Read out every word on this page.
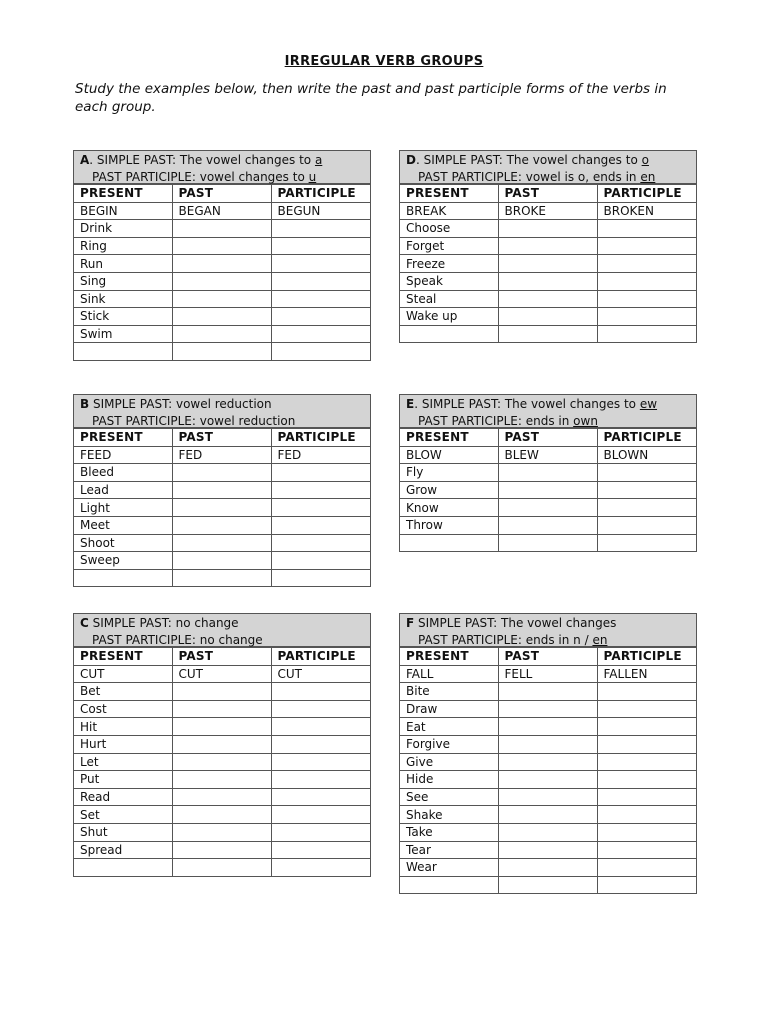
IRREGULAR VERB GROUPS
Study the examples below, then write the past and past participle forms of the verbs in each group.
A. SIMPLE PAST: The vowel changes to a
PAST PARTICIPLE: vowel changes to u
PRESENT	PAST	PARTICIPLE
BEGIN	BEGAN	BEGUN
Drink		
Ring		
Run		
Sing		
Sink		
Stick		
Swim		

B SIMPLE PAST: vowel reduction
PAST PARTICIPLE: vowel reduction
PRESENT	PAST	PARTICIPLE
FEED	FED	FED
Bleed		
Lead		
Light		
Meet		
Shoot		
Sweep		

C SIMPLE PAST: no change
PAST PARTICIPLE: no change
PRESENT	PAST	PARTICIPLE
CUT	CUT	CUT
Bet		
Cost		
Hit		
Hurt		
Let		
Put		
Read		
Set		
Shut		
Spread		

D. SIMPLE PAST: The vowel changes to o
PAST PARTICIPLE: vowel is o, ends in en
PRESENT	PAST	PARTICIPLE
BREAK	BROKE	BROKEN
Choose		
Forget		
Freeze		
Speak		
Steal		
Wake up		

E. SIMPLE PAST: The vowel changes to ew
PAST PARTICIPLE: ends in own
PRESENT	PAST	PARTICIPLE
BLOW	BLEW	BLOWN
Fly		
Grow		
Know		
Throw		

F SIMPLE PAST: The vowel changes
PAST PARTICIPLE: ends in n / en
PRESENT	PAST	PARTICIPLE
FALL	FELL	FALLEN
Bite		
Draw		
Eat		
Forgive		
Give		
Hide		
See		
Shake		
Take		
Tear		
Wear		
